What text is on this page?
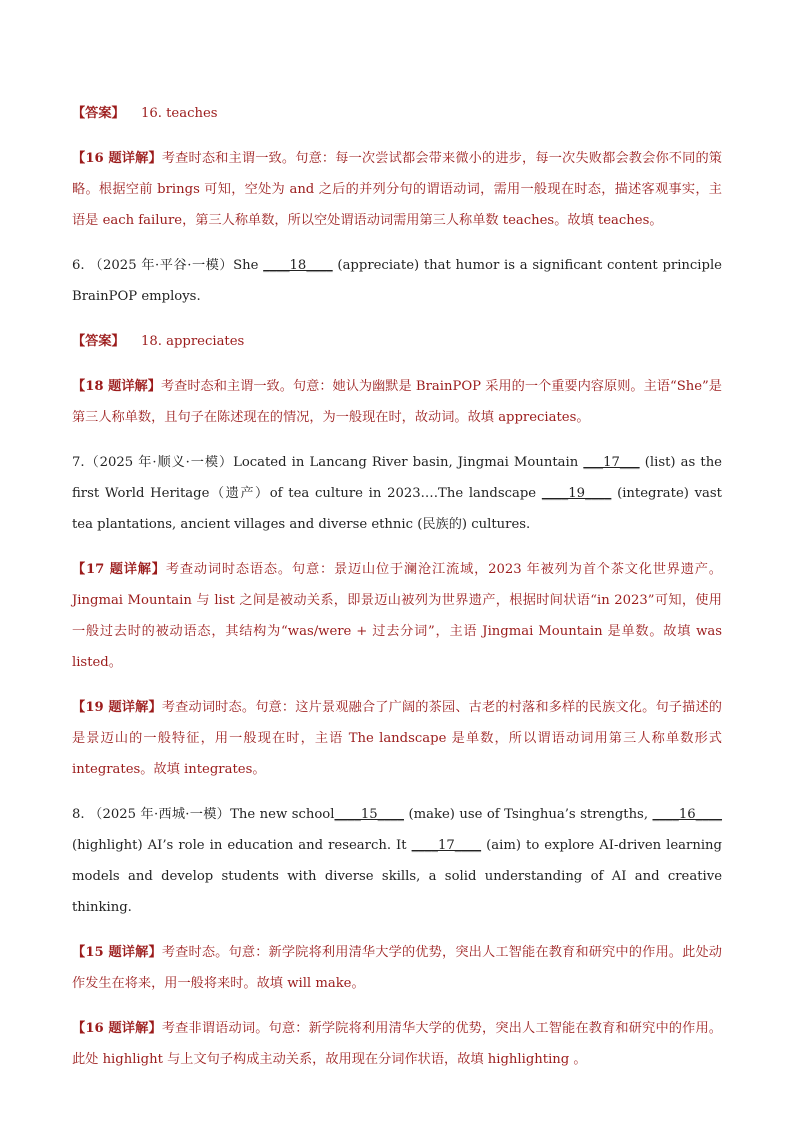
【答案】 16. teaches

【16 题详解】考查时态和主谓一致。句意：每一次尝试都会带来微小的进步，每一次失败都会教会你不同的策略。根据空前 brings 可知，空处为 and 之后的并列分句的谓语动词，需用一般现在时态，描述客观事实，主语是 each failure，第三人称单数，所以空处谓语动词需用第三人称单数 teaches。故填 teaches。

6. （2025 年·平谷·一模）She ____18____ (appreciate) that humor is a significant content principle BrainPOP employs.

【答案】 18. appreciates

【18 题详解】考查时态和主谓一致。句意：她认为幽默是 BrainPOP 采用的一个重要内容原则。主语“She”是第三人称单数，且句子在陈述现在的情况，为一般现在时，故动词。故填 appreciates。

7.（2025 年·顺义·一模）Located in Lancang River basin, Jingmai Mountain ___17___ (list) as the first World Heritage（遗产）of tea culture in 2023.…The landscape ____19____ (integrate) vast tea plantations, ancient villages and diverse ethnic (民族的) cultures.

【17 题详解】考查动词时态语态。句意：景迈山位于澜沧江流域，2023 年被列为首个茶文化世界遗产。Jingmai Mountain 与 list 之间是被动关系，即景迈山被列为世界遗产，根据时间状语“in 2023”可知，使用一般过去时的被动语态，其结构为“was/were + 过去分词”，主语 Jingmai Mountain 是单数。故填 was listed。

【19 题详解】考查动词时态。句意：这片景观融合了广阔的茶园、古老的村落和多样的民族文化。句子描述的是景迈山的一般特征，用一般现在时，主语 The landscape 是单数，所以谓语动词用第三人称单数形式 integrates。故填 integrates。

8. （2025 年·西城·一模）The new school____15____ (make) use of Tsinghua’s strengths, ____16____ (highlight) AI’s role in education and research. It ____17____ (aim) to explore AI-driven learning models and develop students with diverse skills, a solid understanding of AI and creative thinking.

【15 题详解】考查时态。句意：新学院将利用清华大学的优势，突出人工智能在教育和研究中的作用。此处动作发生在将来，用一般将来时。故填 will make。

【16 题详解】考查非谓语动词。句意：新学院将利用清华大学的优势，突出人工智能在教育和研究中的作用。此处 highlight 与上文句子构成主动关系，故用现在分词作状语，故填 highlighting 。
